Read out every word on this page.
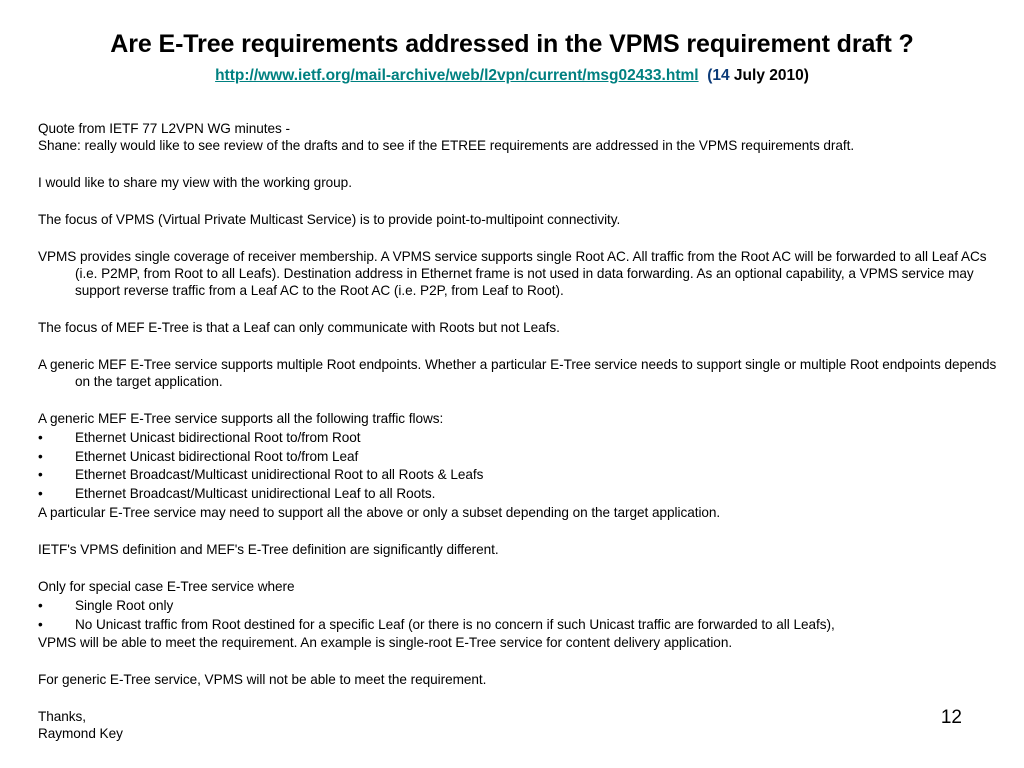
Are E-Tree requirements addressed in the VPMS requirement draft ?
http://www.ietf.org/mail-archive/web/l2vpn/current/msg02433.html (14 July 2010)

Quote from IETF 77 L2VPN WG minutes -

Shane: really would like to see review of the drafts and to see if the ETREE requirements are addressed in the VPMS requirements draft.

I would like to share my view with the working group.

The focus of VPMS (Virtual Private Multicast Service) is to provide point-to-multipoint connectivity.

VPMS provides single coverage of receiver membership. A VPMS service supports single Root AC. All traffic from the Root AC will be forwarded to all Leaf ACs (i.e. P2MP, from Root to all Leafs). Destination address in Ethernet frame is not used in data forwarding. As an optional capability, a VPMS service may support reverse traffic from a Leaf AC to the Root AC (i.e. P2P, from Leaf to Root).

The focus of MEF E-Tree is that a Leaf can only communicate with Roots but not Leafs.

A generic MEF E-Tree service supports multiple Root endpoints. Whether a particular E-Tree service needs to support single or multiple Root endpoints depends on the target application.

A generic MEF E-Tree service supports all the following traffic flows:

• Ethernet Unicast bidirectional Root to/from Root
• Ethernet Unicast bidirectional Root to/from Leaf
• Ethernet Broadcast/Multicast unidirectional Root to all Roots & Leafs
• Ethernet Broadcast/Multicast unidirectional Leaf to all Roots.

A particular E-Tree service may need to support all the above or only a subset depending on the target application.

IETF's VPMS definition and MEF's E-Tree definition are significantly different.

Only for special case E-Tree service where

• Single Root only
• No Unicast traffic from Root destined for a specific Leaf (or there is no concern if such Unicast traffic are forwarded to all Leafs),

VPMS will be able to meet the requirement. An example is single-root E-Tree service for content delivery application.

For generic E-Tree service, VPMS will not be able to meet the requirement.

Thanks,

Raymond Key

12
